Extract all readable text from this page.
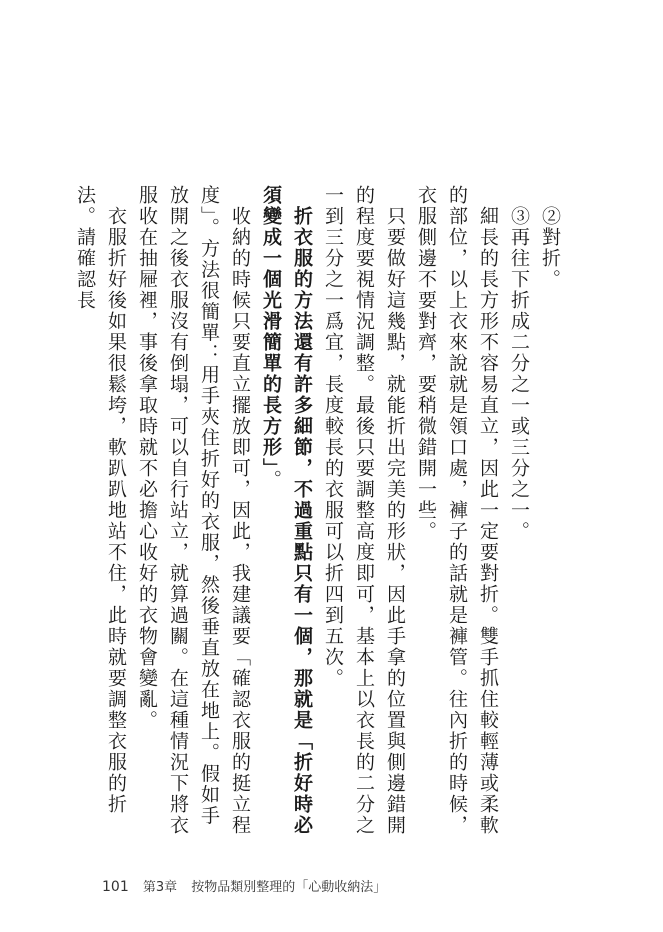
②對折。

③再往下折成二分之一或三分之一。

細長的長方形不容易直立，因此一定要對折。雙手抓住較輕薄或柔軟的部位，以上衣來說就是領口處，褲子的話就是褲管。往內折的時候，衣服側邊不要對齊，要稍微錯開一些。

只要做好這幾點，就能折出完美的形狀，因此手拿的位置與側邊錯開的程度要視情況調整。最後只要調整高度即可，基本上以衣長的二分之一到三分之一爲宜，長度較長的衣服可以折四到五次。

折衣服的方法還有許多細節，不過重點只有一個，那就是「折好時必須變成一個光滑簡單的長方形」。

收納的時候只要直立擺放即可，因此，我建議要「確認衣服的挺立程度」。方法很簡單：用手夾住折好的衣服，然後垂直放在地上。假如手放開之後衣服沒有倒塌，可以自行站立，就算過關。在這種情況下將衣服收在抽屜裡，事後拿取時就不必擔心收好的衣物會變亂。

衣服折好後如果很鬆垮，軟趴趴地站不住，此時就要調整衣服的折法。請確認長

101 第3章 按物品類別整理的「心動收納法」
